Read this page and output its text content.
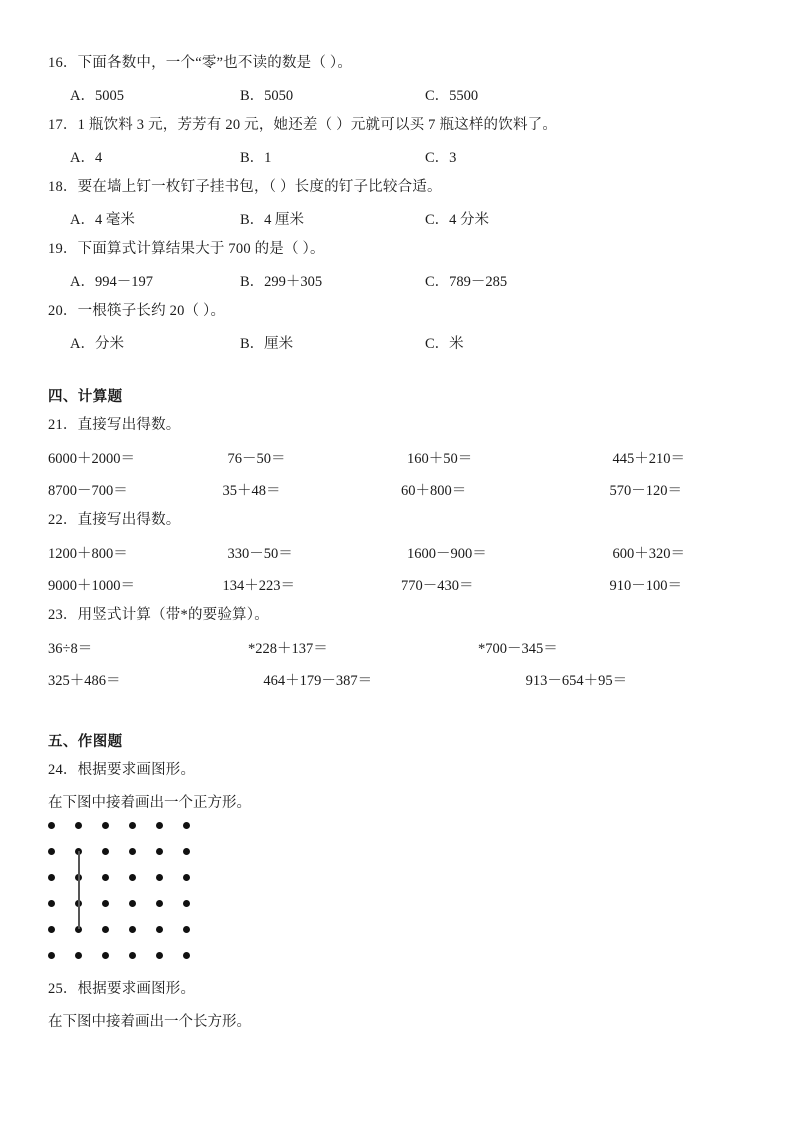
16．下面各数中，一个“零”也不读的数是（ ）。
A．5005	B．5050	C．5500
17．1 瓶饮料 3 元，芳芳有 20 元，她还差（ ）元就可以买 7 瓶这样的饮料了。
A．4	B．1	C．3
18．要在墙上钉一枚钉子挂书包，（ ）长度的钉子比较合适。
A．4 毫米	B．4 厘米	C．4 分米
19．下面算式计算结果大于 700 的是（ ）。
A．994－197	B．299＋305	C．789－285
20．一根筷子长约 20（ ）。
A．分米	B．厘米	C．米
四、计算题
21．直接写出得数。
6000＋2000＝	76－50＝	160＋50＝	445＋210＝
8700－700＝	35＋48＝	60＋800＝	570－120＝
22．直接写出得数。
1200＋800＝	330－50＝	1600－900＝	600＋320＝
9000＋1000＝	134＋223＝	770－430＝	910－100＝
23．用竖式计算（带*的要验算）。
36÷8＝	*228＋137＝	*700－345＝
325＋486＝	464＋179－387＝	913－654＋95＝
五、作图题
24．根据要求画图形。
在下图中接着画出一个正方形。
25．根据要求画图形。
在下图中接着画出一个长方形。
